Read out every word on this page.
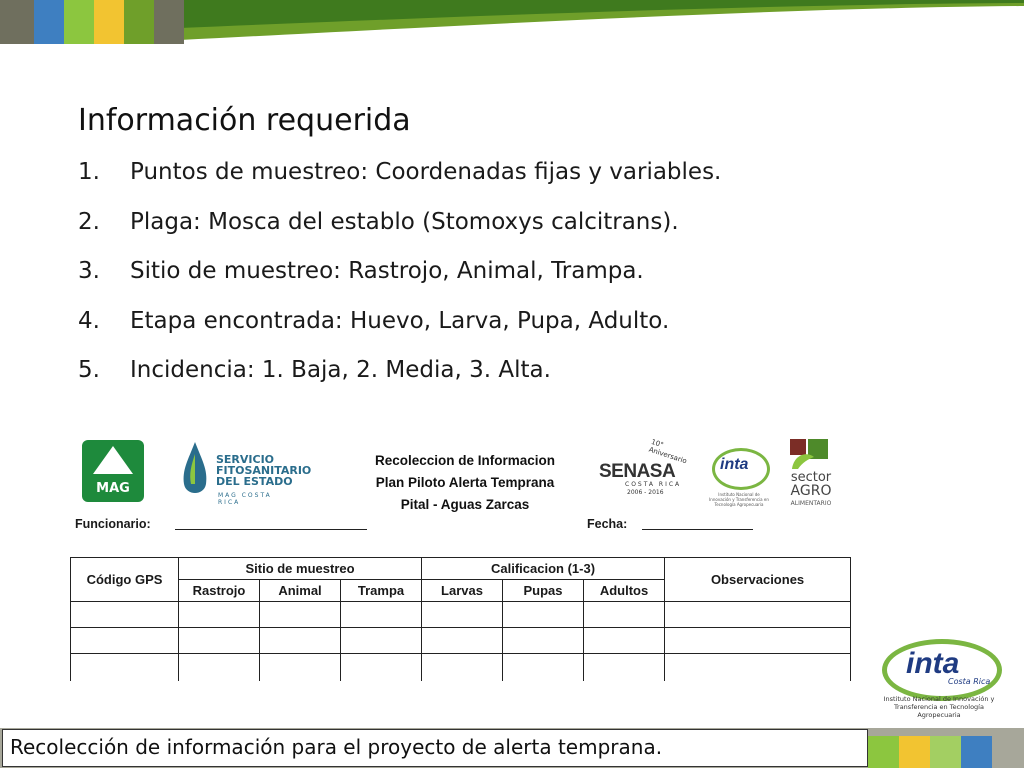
Información requerida
1.	Puntos de muestreo: Coordenadas fijas y variables.
2.	Plaga: Mosca del establo (Stomoxys calcitrans).
3.	Sitio de muestreo: Rastrojo, Animal, Trampa.
4.	Etapa encontrada: Huevo, Larva, Pupa, Adulto.
5.	Incidencia: 1. Baja, 2. Media, 3. Alta.
MAG
SERVICIO
FITOSANITARIO
DEL ESTADO
MAG COSTA RICA
Recoleccion de Informacion
Plan Piloto Alerta Temprana
Pital - Aguas Zarcas
10° Aniversario
SENASA
COSTA RICA
2006 - 2016
inta
Instituto Nacional de Innovación y Transferencia en Tecnología Agropecuaria
sector
AGRO
ALIMENTARIO
Funcionario:	Fecha:
Código GPS	Sitio de muestreo			Calificacion (1-3)			Observaciones
	Rastrojo	Animal	Trampa	Larvas	Pupas	Adultos	

inta
Costa Rica
Instituto Nacional de Innovación y Transferencia en Tecnología Agropecuaria
Recolección de información para el proyecto de alerta temprana.
